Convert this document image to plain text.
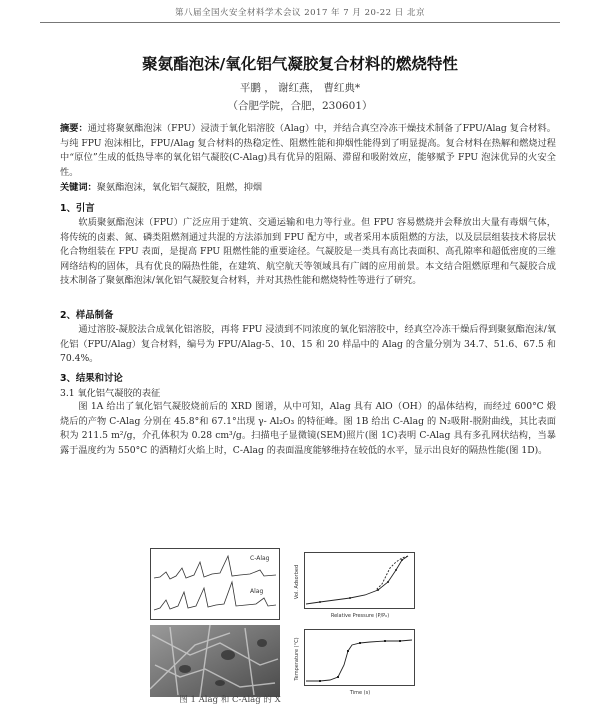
第八届全国火安全材料学术会议 2017 年 7 月 20-22 日 北京
聚氨酯泡沫/氧化铝气凝胶复合材料的燃烧特性
平鹏 ， 谢红燕， 曹红典*
（合肥学院，合肥，230601）
摘要：通过将聚氨酯泡沫（FPU）浸渍于氧化铝溶胶（Alag）中，并结合真空冷冻干燥技术制备了FPU/Alag 复合材料。与纯 FPU 泡沫相比，FPU/Alag 复合材料的热稳定性、阻燃性能和抑烟性能得到了明显提高。复合材料在热解和燃烧过程中“原位”生成的低热导率的氧化铝气凝胶(C-Alag)具有优异的阻隔、滞留和吸附效应，能够赋予 FPU 泡沫优异的火安全性。
关键词：聚氨酯泡沫，氧化铝气凝胶，阻燃，抑烟
1、引言
软质聚氨酯泡沫（FPU）广泛应用于建筑、交通运输和电力等行业。但 FPU 容易燃烧并会释放出大量有毒烟气体，将传统的卤素、氮、磷类阻燃剂通过共混的方法添加到 FPU 配方中，或者采用本质阻燃的方法，以及层层组装技术将层状化合物组装在 FPU 表面，是提高 FPU 阻燃性能的重要途径。气凝胶是一类具有高比表面积、高孔隙率和超低密度的三维网络结构的固体，具有优良的隔热性能，在建筑、航空航天等领域具有广阔的应用前景。本文结合阻燃原理和气凝胶合成技术制备了聚氨酯泡沫/氧化铝气凝胶复合材料，并对其热性能和燃烧特性等进行了研究。
2、样品制备
通过溶胶-凝胶法合成氧化铝溶胶，再将 FPU 浸渍到不同浓度的氧化铝溶胶中，经真空冷冻干燥后得到聚氨酯泡沫/氧化铝（FPU/Alag）复合材料，编号为 FPU/Alag-5、10、15 和 20 样品中的 Alag 的含量分别为 34.7、51.6、67.5 和 70.4%。
3、结果和讨论
3.1 氧化铝气凝胶的表征
图 1A 给出了氧化铝气凝胶烧前后的 XRD 图谱，从中可知，Alag 具有 AlO（OH）的晶体结构，而经过 600°C 煅烧后的产物 C-Alag 分别在 45.8°和 67.1°出现 γ- Al₂O₃ 的特征峰。图 1B 给出 C-Alag 的 N₂吸附-脱附曲线，其比表面积为 211.5 m²/g，介孔体积为 0.28 cm³/g。扫描电子显微镜(SEM)照片(图 1C)表明 C-Alag 具有多孔网状结构，当暴露于温度约为 550°C 的酒精灯火焰上时，C-Alag 的表面温度能够维持在较低的水平，显示出良好的隔热性能(图 1D)。
C-Alag
Alag
Relative Pressure (P/P₀)
Vol. Adsorbed
Time (s)
Temperature (°C)
图 1 Alag 和 C-Alag 的 X
